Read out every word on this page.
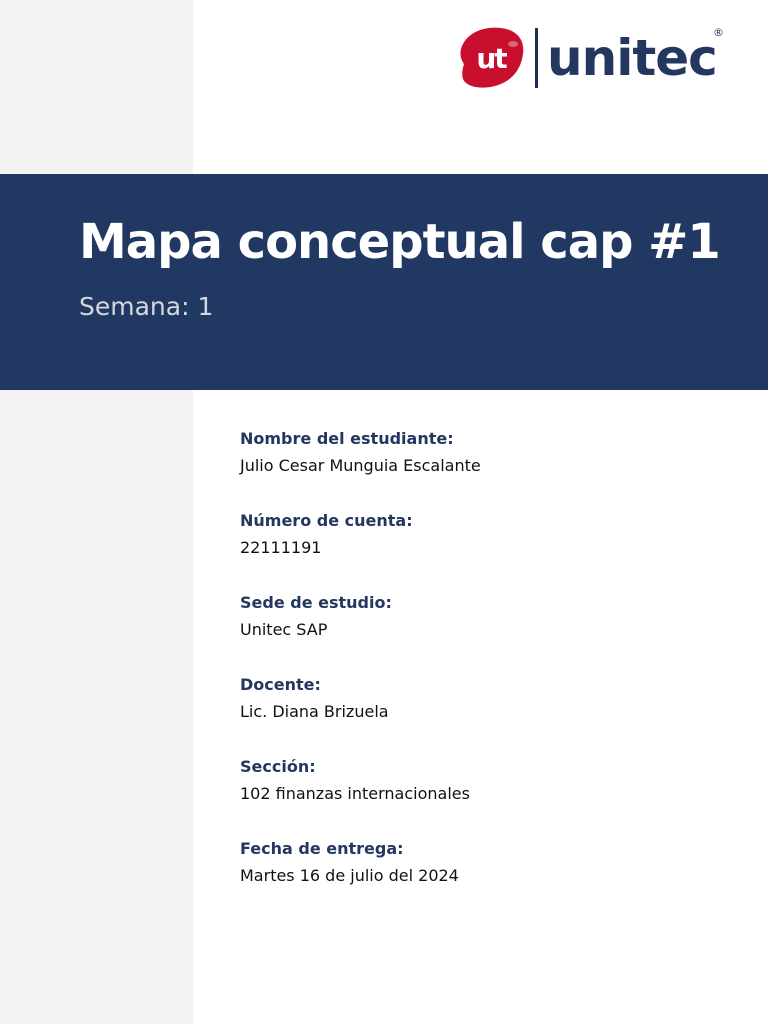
ut unitec
®
Mapa conceptual cap #1

Semana: 1

Nombre del estudiante:
Julio Cesar Munguia Escalante
Número de cuenta:
22111191
Sede de estudio:
Unitec SAP
Docente:
Lic. Diana Brizuela
Sección:
102 finanzas internacionales
Fecha de entrega:
Martes 16 de julio del 2024
